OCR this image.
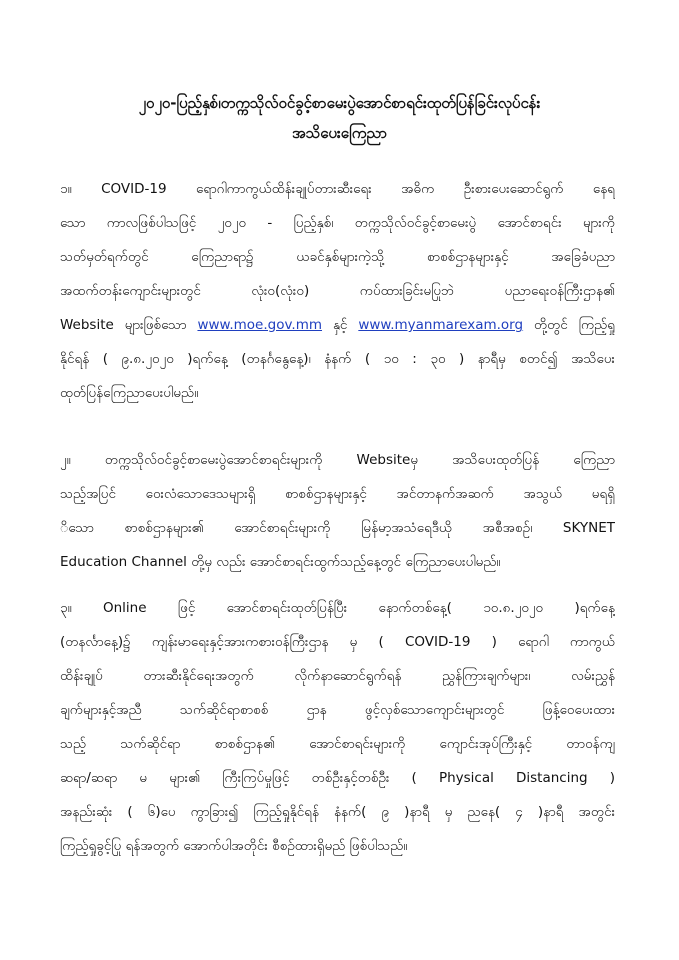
၂၀၂၀-ပြည့်နှစ်၊တက္ကသိုလ်ဝင်ခွင့်စာမေးပွဲအောင်စာရင်းထုတ်ပြန်ခြင်းလုပ်ငန်း
အသိပေးကြေညာ
၁။ COVID-19 ရောဂါကာကွယ်ထိန်းချုပ်တားဆီးရေး အဓိက ဦးစားပေးဆောင်ရွက် နေရ
သော ကာလဖြစ်ပါသဖြင့် ၂၀၂၀ - ပြည့်နှစ်၊ တက္ကသိုလ်ဝင်ခွင့်စာမေးပွဲ အောင်စာရင်း များကို
သတ်မှတ်ရက်တွင် ကြေညာရာ၌ ယခင်နှစ်များကဲ့သို့ စာစစ်ဌာနများနှင့် အခြေခံပညာ
အထက်တန်းကျောင်းများတွင် လုံးဝ(လုံးဝ) ကပ်ထားခြင်းမပြုဘဲ ပညာရေးဝန်ကြီးဌာန၏
Website များဖြစ်သော www.moe.gov.mm နှင့် www.myanmarexam.org တို့တွင် ကြည့်ရှု
နိုင်ရန် ( ၉.၈.၂၀၂၀ )ရက်နေ့ (တနင်္ဂနွေနေ့)၊ နံနက် ( ၁၀ : ၃၀ ) နာရီမှ စတင်၍ အသိပေး
ထုတ်ပြန်ကြေညာပေးပါမည်။
၂။ တက္ကသိုလ်ဝင်ခွင့်စာမေးပွဲအောင်စာရင်းများကို Websiteမှ အသိပေးထုတ်ပြန် ကြေညာ
သည့်အပြင် ဝေးလံသောဒေသများရှိ စာစစ်ဌာနများနှင့် အင်တာနက်အဆက် အသွယ် မရရှိ
ိသော စာစစ်ဌာနများ၏ အောင်စာရင်းများကို မြန်မာ့အသံရေဒီယို အစီအစဉ်၊ SKYNET
Education Channel တို့မှ လည်း အောင်စာရင်းထွက်သည့်နေ့တွင် ကြေညာပေးပါမည်။
၃။ Online ဖြင့် အောင်စာရင်းထုတ်ပြန်ပြီး နောက်တစ်နေ့( ၁၀.၈.၂၀၂၀ )ရက်နေ့
(တနင်္လာနေ့)၌ ကျန်းမာရေးနှင့်အားကစားဝန်ကြီးဌာန မှ ( COVID-19 ) ရောဂါ ကာကွယ်
ထိန်းချုပ် တားဆီးနိုင်ရေးအတွက် လိုက်နာဆောင်ရွက်ရန် ညွှန်ကြားချက်များ၊ လမ်းညွှန်
ချက်များနှင့်အညီ သက်ဆိုင်ရာစာစစ် ဌာန ဖွင့်လှစ်သောကျောင်းများတွင် ဖြန့်ဝေပေးထား
သည့် သက်ဆိုင်ရာ စာစစ်ဌာန၏ အောင်စာရင်းများကို ကျောင်းအုပ်ကြီးနှင့် တာဝန်ကျ
ဆရာ/ဆရာ မ များ၏ ကြီးကြပ်မှုဖြင့် တစ်ဦးနှင့်တစ်ဦး ( Physical Distancing )
အနည်းဆုံး ( ၆)ပေ ကွာခြား၍ ကြည့်ရှုနိုင်ရန် နံနက်( ၉ )နာရီ မှ ညနေ( ၄ )နာရီ အတွင်း
ကြည့်ရှုခွင့်ပြု ရန်အတွက် အောက်ပါအတိုင်း စီစဉ်ထားရှိမည် ဖြစ်ပါသည်။
